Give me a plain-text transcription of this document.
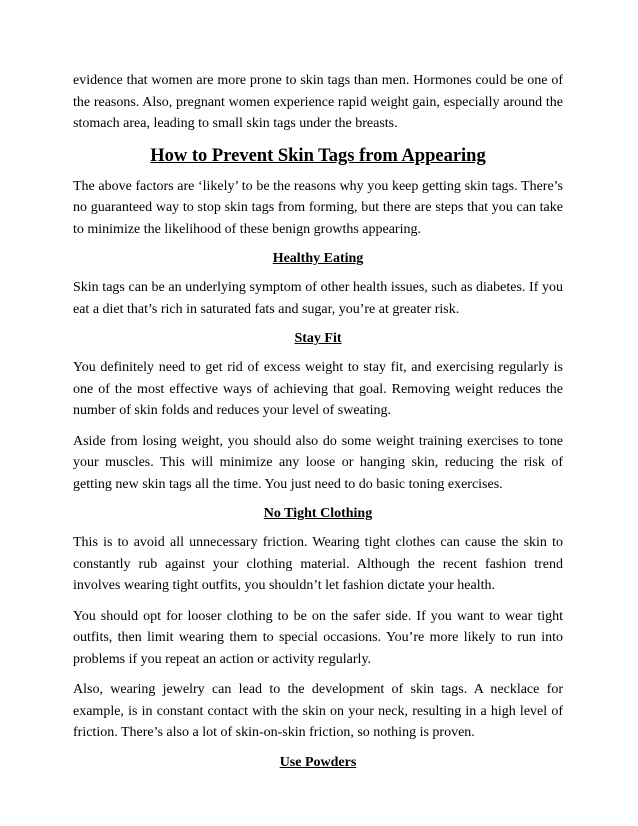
evidence that women are more prone to skin tags than men. Hormones could be one of the reasons. Also, pregnant women experience rapid weight gain, especially around the stomach area, leading to small skin tags under the breasts.

How to Prevent Skin Tags from Appearing

The above factors are ‘likely’ to be the reasons why you keep getting skin tags. There’s no guaranteed way to stop skin tags from forming, but there are steps that you can take to minimize the likelihood of these benign growths appearing.

Healthy Eating

Skin tags can be an underlying symptom of other health issues, such as diabetes. If you eat a diet that’s rich in saturated fats and sugar, you’re at greater risk.

Stay Fit

You definitely need to get rid of excess weight to stay fit, and exercising regularly is one of the most effective ways of achieving that goal. Removing weight reduces the number of skin folds and reduces your level of sweating.

Aside from losing weight, you should also do some weight training exercises to tone your muscles. This will minimize any loose or hanging skin, reducing the risk of getting new skin tags all the time. You just need to do basic toning exercises.

No Tight Clothing

This is to avoid all unnecessary friction. Wearing tight clothes can cause the skin to constantly rub against your clothing material. Although the recent fashion trend involves wearing tight outfits, you shouldn’t let fashion dictate your health.

You should opt for looser clothing to be on the safer side. If you want to wear tight outfits, then limit wearing them to special occasions. You’re more likely to run into problems if you repeat an action or activity regularly.

Also, wearing jewelry can lead to the development of skin tags. A necklace for example, is in constant contact with the skin on your neck, resulting in a high level of friction. There’s also a lot of skin-on-skin friction, so nothing is proven.

Use Powders
